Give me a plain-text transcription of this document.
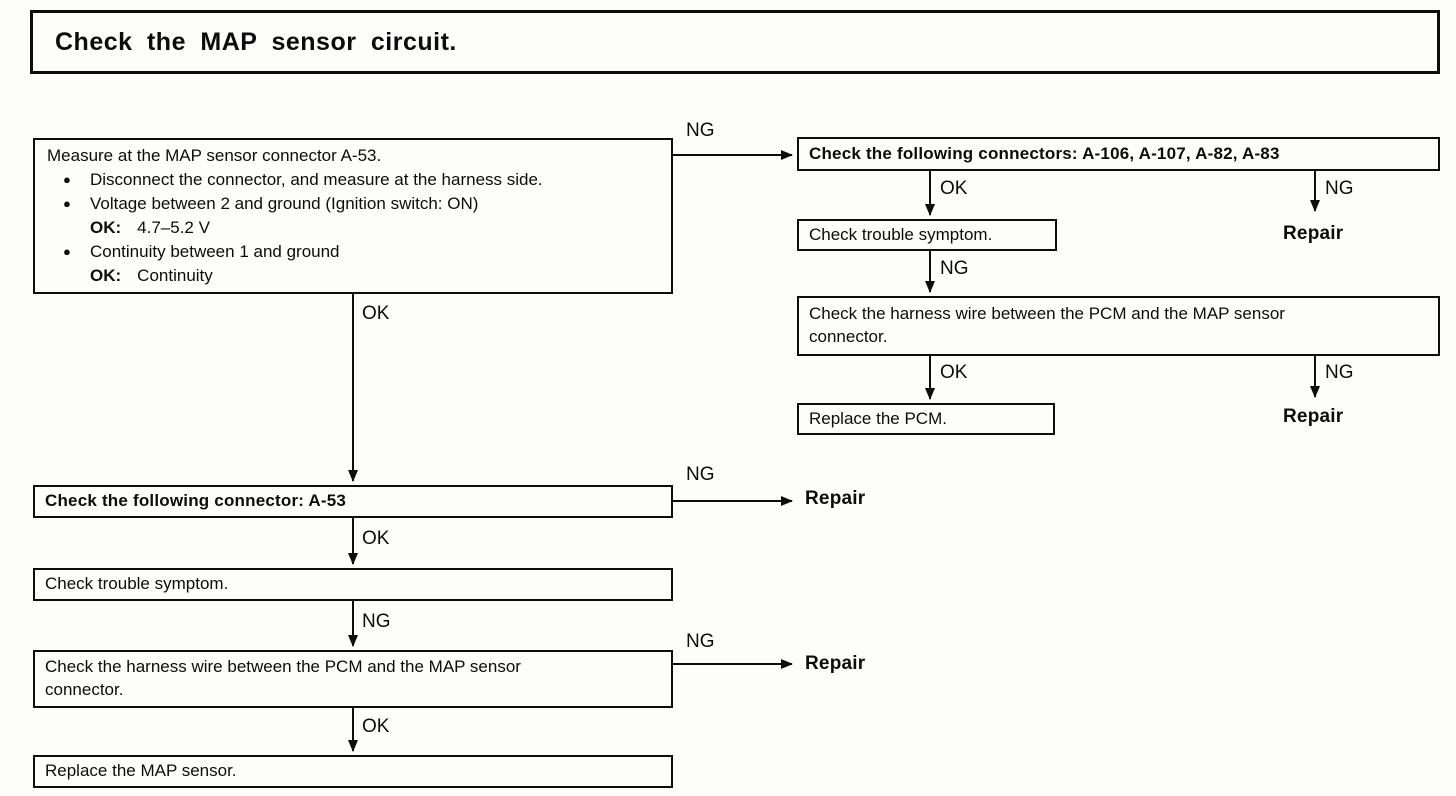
Check the MAP sensor circuit.
Measure at the MAP sensor connector A-53.
●
Disconnect the connector, and measure at the harness side.
●
Voltage between 2 and ground (Ignition switch: ON)
OK: 4.7–5.2 V
●
Continuity between 1 and ground
OK: Continuity
Check the following connectors: A-106, A-107, A-82, A-83
Check trouble symptom.
Check the harness wire between the PCM and the MAP sensor
connector.
Replace the PCM.
Check the following connector: A-53
Check trouble symptom.
Check the harness wire between the PCM and the MAP sensor
connector.
Replace the MAP sensor.
NG
OK
OK	NG
Repair
NG
OK	NG
Repair
NG
Repair
OK
NG
NG
Repair
OK
